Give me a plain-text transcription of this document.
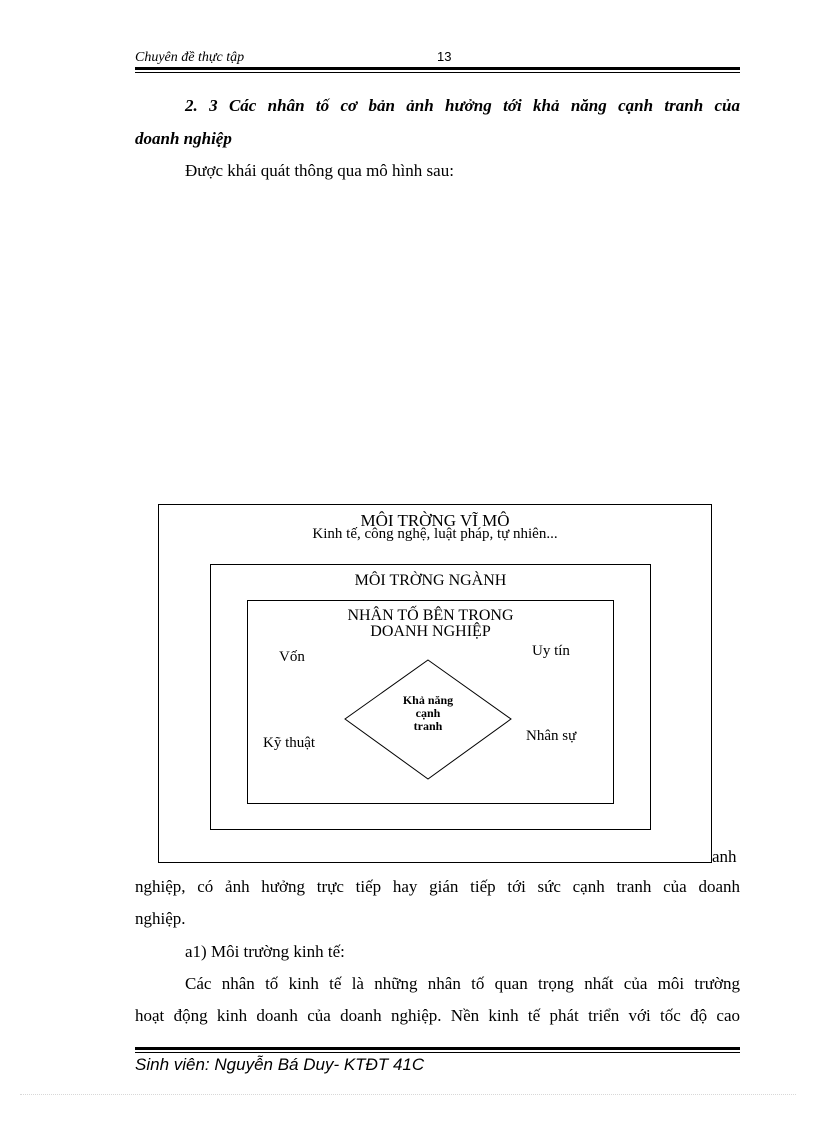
Chuyên đề thực tập	13
2. 3 Các nhân tố cơ bản ảnh hưởng tới khả năng cạnh tranh của
doanh nghiệp
Được khái quát thông qua mô hình sau:
MÔI TRỜNG VĨ MÔ
Kinh tế, công nghệ, luật pháp, tự nhiên...
MÔI TRỜNG NGÀNH
NHÂN TỐ BÊN TRONG
DOANH NGHIỆP
Vốn	Uy tín
Kỹ thuật	Nhân sự
Khả năng
cạnh
tranh
anh
nghiệp, có ảnh hưởng trực tiếp hay gián tiếp tới sức cạnh tranh của doanh
nghiệp.
a1) Môi trường kinh tế:
Các nhân tố kinh tế là những nhân tố quan trọng nhất của môi trường
hoạt động kinh doanh của doanh nghiệp. Nền kinh tế phát triển với tốc độ cao
Sinh viên: Nguyễn Bá Duy- KTĐT 41C
